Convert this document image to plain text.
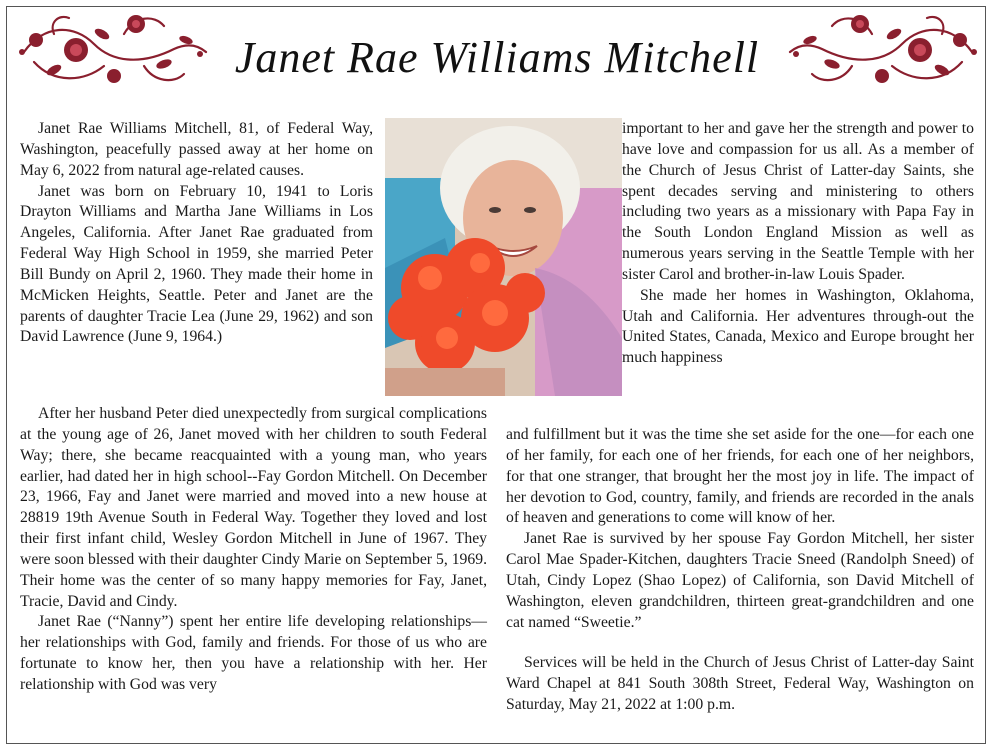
Janet Rae Williams Mitchell

Janet Rae Williams Mitchell, 81, of Federal Way, Washington, peacefully passed away at her home on May 6, 2022 from natural age-related causes.

Janet was born on February 10, 1941 to Loris Drayton Williams and Martha Jane Williams in Los Angeles, California. After Janet Rae graduated from Federal Way High School in 1959, she married Peter Bill Bundy on April 2, 1960. They made their home in McMicken Heights, Seattle. Peter and Janet are the parents of daughter Tracie Lea (June 29, 1962) and son David Lawrence (June 9, 1964.)

important to her and gave her the strength and power to have love and compassion for us all. As a member of the Church of Jesus Christ of Latter-day Saints, she spent decades serving and ministering to others including two years as a missionary with Papa Fay in the South London England Mission as well as numerous years serving in the Seattle Temple with her sister Carol and brother-in-law Louis Spader.

She made her homes in Washington, Oklahoma, Utah and California. Her adventures through-out the United States, Canada, Mexico and Europe brought her much happiness

After her husband Peter died unexpectedly from surgical complications at the young age of 26, Janet moved with her children to south Federal Way; there, she became reacquainted with a young man, who years earlier, had dated her in high school--Fay Gordon Mitchell. On December 23, 1966, Fay and Janet were married and moved into a new house at 28819 19th Avenue South in Federal Way. Together they loved and lost their first infant child, Wesley Gordon Mitchell in June of 1967. They were soon blessed with their daughter Cindy Marie on September 5, 1969. Their home was the center of so many happy memories for Fay, Janet, Tracie, David and Cindy.

Janet Rae (“Nanny”) spent her entire life developing relationships—her relationships with God, family and friends. For those of us who are fortunate to know her, then you have a relationship with her. Her relationship with God was very

and fulfillment but it was the time she set aside for the one—for each one of her family, for each one of her friends, for each one of her neighbors, for that one stranger, that brought her the most joy in life. The impact of her devotion to God, country, family, and friends are recorded in the anals of heaven and generations to come will know of her.

Janet Rae is survived by her spouse Fay Gordon Mitchell, her sister Carol Mae Spader-Kitchen, daughters Tracie Sneed (Randolph Sneed) of Utah, Cindy Lopez (Shao Lopez) of California, son David Mitchell of Washington, eleven grandchildren, thirteen great-grandchildren and one cat named “Sweetie.”

Services will be held in the Church of Jesus Christ of Latter-day Saint Ward Chapel at 841 South 308th Street, Federal Way, Washington on Saturday, May 21, 2022 at 1:00 p.m.
